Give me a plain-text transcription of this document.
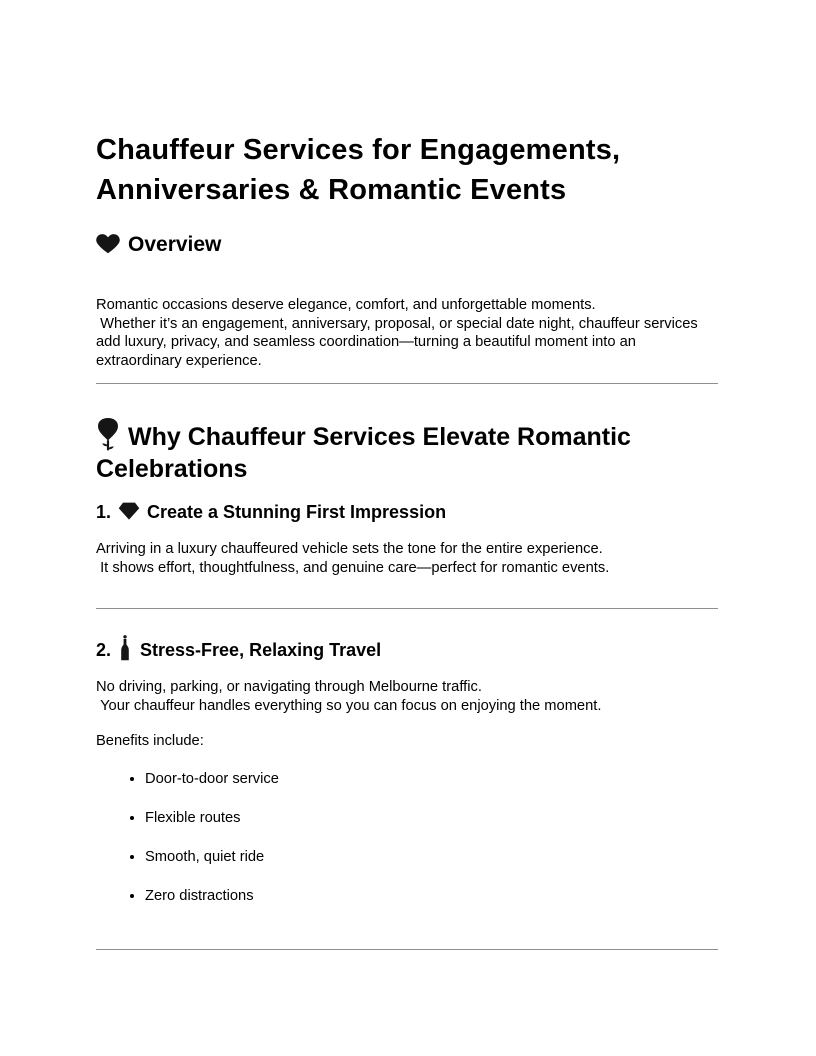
Chauffeur Services for Engagements, Anniversaries & Romantic Events
Overview

Romantic occasions deserve elegance, comfort, and unforgettable moments.
Whether it’s an engagement, anniversary, proposal, or special date night, chauffeur services add luxury, privacy, and seamless coordination—turning a beautiful moment into an extraordinary experience.

Why Chauffeur Services Elevate Romantic Celebrations
1. Create a Stunning First Impression

Arriving in a luxury chauffeured vehicle sets the tone for the entire experience.
It shows effort, thoughtfulness, and genuine care—perfect for romantic events.

2. Stress-Free, Relaxing Travel

No driving, parking, or navigating through Melbourne traffic.
Your chauffeur handles everything so you can focus on enjoying the moment.

Benefits include:

• Door-to-door service
• Flexible routes
• Smooth, quiet ride
• Zero distractions
